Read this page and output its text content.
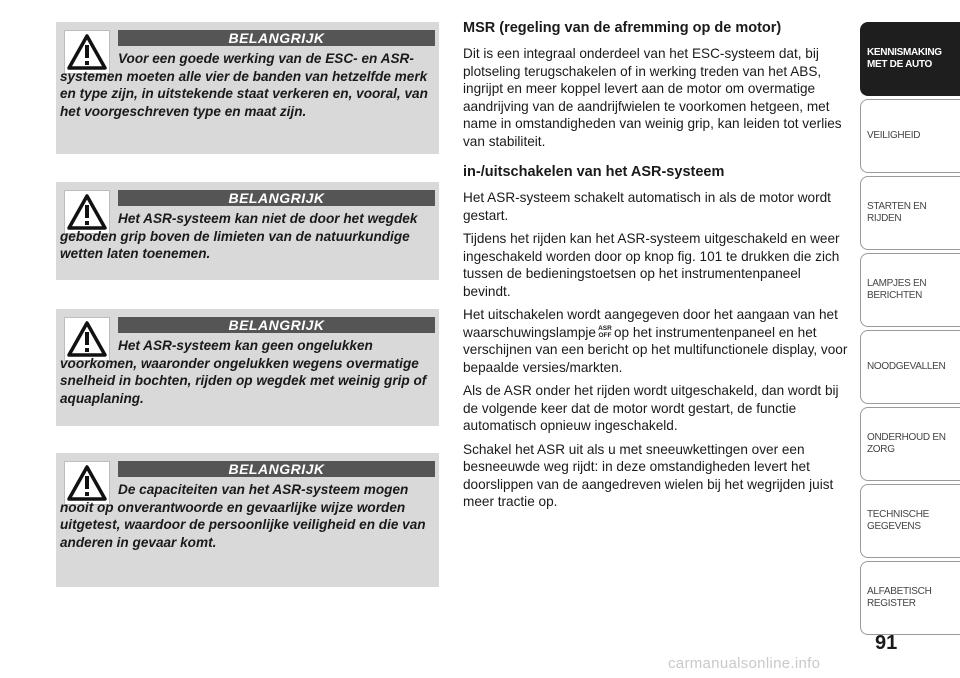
BELANGRIJK

Voor een goede werking van de ESC- en ASR-systemen moeten alle vier de banden van hetzelfde merk en type zijn, in uitstekende staat verkeren en, vooral, van het voorgeschreven type en maat zijn.

BELANGRIJK

Het ASR-systeem kan niet de door het wegdek geboden grip boven de limieten van de natuurkundige wetten laten toenemen.

BELANGRIJK

Het ASR-systeem kan geen ongelukken voorkomen, waaronder ongelukken wegens overmatige snelheid in bochten, rijden op wegdek met weinig grip of aquaplaning.

BELANGRIJK

De capaciteiten van het ASR-systeem mogen nooit op onverantwoorde en gevaarlijke wijze worden uitgetest, waardoor de persoonlijke veiligheid en die van anderen in gevaar komt.

MSR (regeling van de afremming op de motor)

Dit is een integraal onderdeel van het ESC-systeem dat, bij plotseling terugschakelen of in werking treden van het ABS, ingrijpt en meer koppel levert aan de motor om overmatige aandrijving van de aandrijfwielen te voorkomen hetgeen, met name in omstandigheden van weinig grip, kan leiden tot verlies van stabiliteit.

in-/uitschakelen van het ASR-systeem

Het ASR-systeem schakelt automatisch in als de motor wordt gestart.

Tijdens het rijden kan het ASR-systeem uitgeschakeld en weer ingeschakeld worden door op knop fig. 101 te drukken die zich tussen de bedieningstoetsen op het instrumentenpaneel bevindt.

Het uitschakelen wordt aangegeven door het aangaan van het waarschuwingslampje ASR
OFF op het instrumentenpaneel en het verschijnen van een bericht op het multifunctionele display, voor bepaalde versies/markten.

Als de ASR onder het rijden wordt uitgeschakeld, dan wordt bij de volgende keer dat de motor wordt gestart, de functie automatisch opnieuw ingeschakeld.

Schakel het ASR uit als u met sneeuwkettingen over een besneeuwde weg rijdt: in deze omstandigheden levert het doorslippen van de aangedreven wielen bij het wegrijden juist meer tractie op.

KENNISMAKING MET DE AUTO
VEILIGHEID
STARTEN EN RIJDEN
LAMPJES EN BERICHTEN
NOODGEVALLEN
ONDERHOUD EN ZORG
TECHNISCHE GEGEVENS
ALFABETISCH REGISTER
91
carmanualsonline.info
